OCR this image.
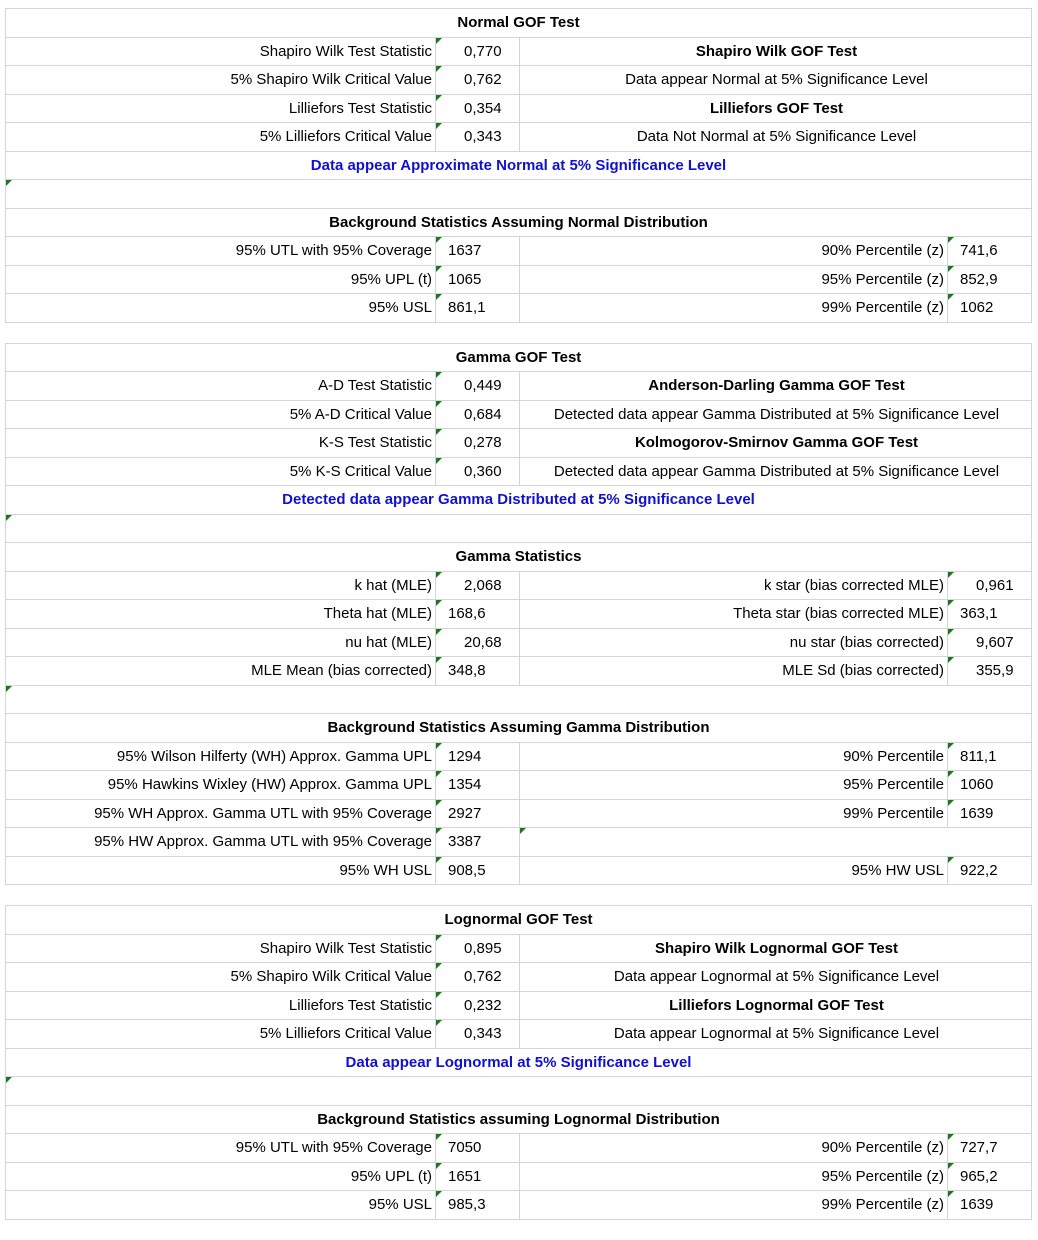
Normal GOF Test
Shapiro Wilk Test Statistic	0,770	Shapiro Wilk GOF Test
5% Shapiro Wilk Critical Value	0,762	Data appear Normal at 5% Significance Level
Lilliefors Test Statistic	0,354	Lilliefors GOF Test
5% Lilliefors Critical Value	0,343	Data Not Normal at 5% Significance Level
Data appear Approximate Normal at 5% Significance Level
Background Statistics Assuming Normal Distribution
95% UTL with 95% Coverage	1637	90% Percentile (z)	741,6
95% UPL (t)	1065	95% Percentile (z)	852,9
95% USL	861,1	99% Percentile (z)	1062
Gamma GOF Test
A-D Test Statistic	0,449	Anderson-Darling Gamma GOF Test
5% A-D Critical Value	0,684	Detected data appear Gamma Distributed at 5% Significance Level
K-S Test Statistic	0,278	Kolmogorov-Smirnov Gamma GOF Test
5% K-S Critical Value	0,360	Detected data appear Gamma Distributed at 5% Significance Level
Detected data appear Gamma Distributed at 5% Significance Level
Gamma Statistics
k hat (MLE)	2,068	k star (bias corrected MLE)	0,961
Theta hat (MLE)	168,6	Theta star (bias corrected MLE)	363,1
nu hat (MLE)	20,68	nu star (bias corrected)	9,607
MLE Mean (bias corrected)	348,8	MLE Sd (bias corrected)	355,9
Background Statistics Assuming Gamma Distribution
95% Wilson Hilferty (WH) Approx. Gamma UPL	1294	90% Percentile	811,1
95% Hawkins Wixley (HW) Approx. Gamma UPL	1354	95% Percentile	1060
95% WH Approx. Gamma UTL with 95% Coverage	2927	99% Percentile	1639
95% HW Approx. Gamma UTL with 95% Coverage	3387
95% WH USL	908,5	95% HW USL	922,2
Lognormal GOF Test
Shapiro Wilk Test Statistic	0,895	Shapiro Wilk Lognormal GOF Test
5% Shapiro Wilk Critical Value	0,762	Data appear Lognormal at 5% Significance Level
Lilliefors Test Statistic	0,232	Lilliefors Lognormal GOF Test
5% Lilliefors Critical Value	0,343	Data appear Lognormal at 5% Significance Level
Data appear Lognormal at 5% Significance Level
Background Statistics assuming Lognormal Distribution
95% UTL with 95% Coverage	7050	90% Percentile (z)	727,7
95% UPL (t)	1651	95% Percentile (z)	965,2
95% USL	985,3	99% Percentile (z)	1639
